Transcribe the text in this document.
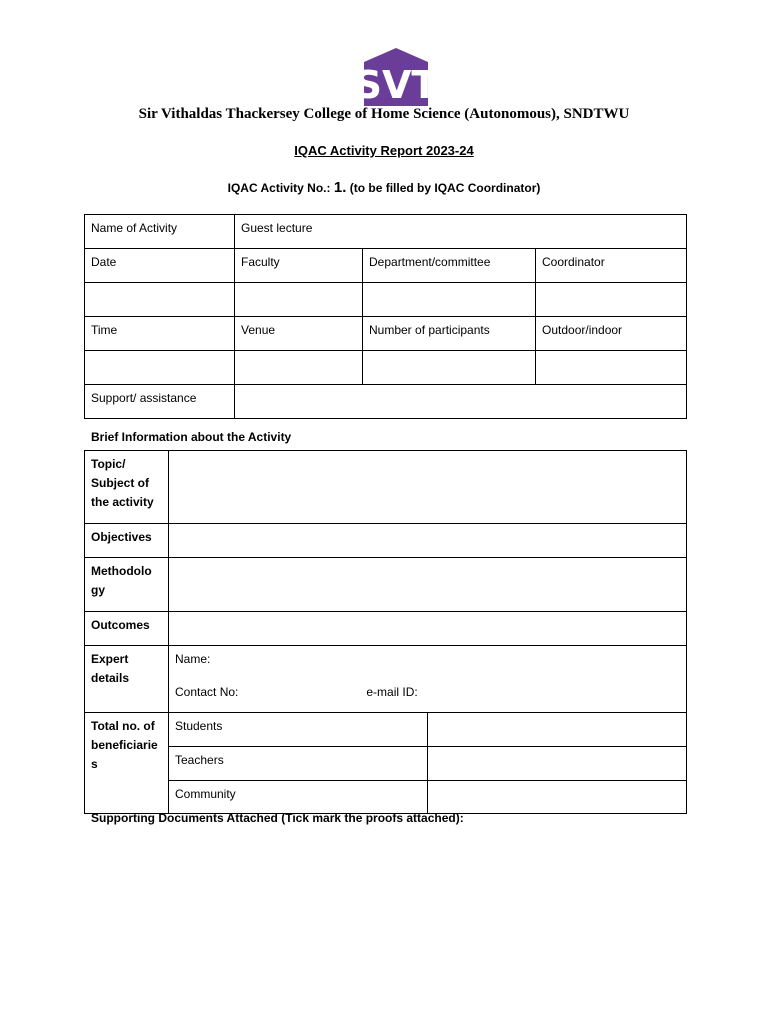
SVT
Sir Vithaldas Thackersey College of Home Science (Autonomous), SNDTWU
IQAC Activity Report 2023-24
IQAC Activity No.: 1. (to be filled by IQAC Coordinator)
Name of Activity	Guest lecture		
Date	Faculty	Department/committee	Coordinator

Time	Venue	Number of participants	Outdoor/indoor

Support/ assistance			
Brief Information about the Activity
Topic/
Subject of
the activity		

Objectives		

Methodolo
gy		

Outcomes		

Expert
details	Name:
Contact No: e-mail ID:	

Total no. of
beneficiarie
s	Students	
	Teachers	
	Community	
Supporting Documents Attached (Tick mark the proofs attached):
